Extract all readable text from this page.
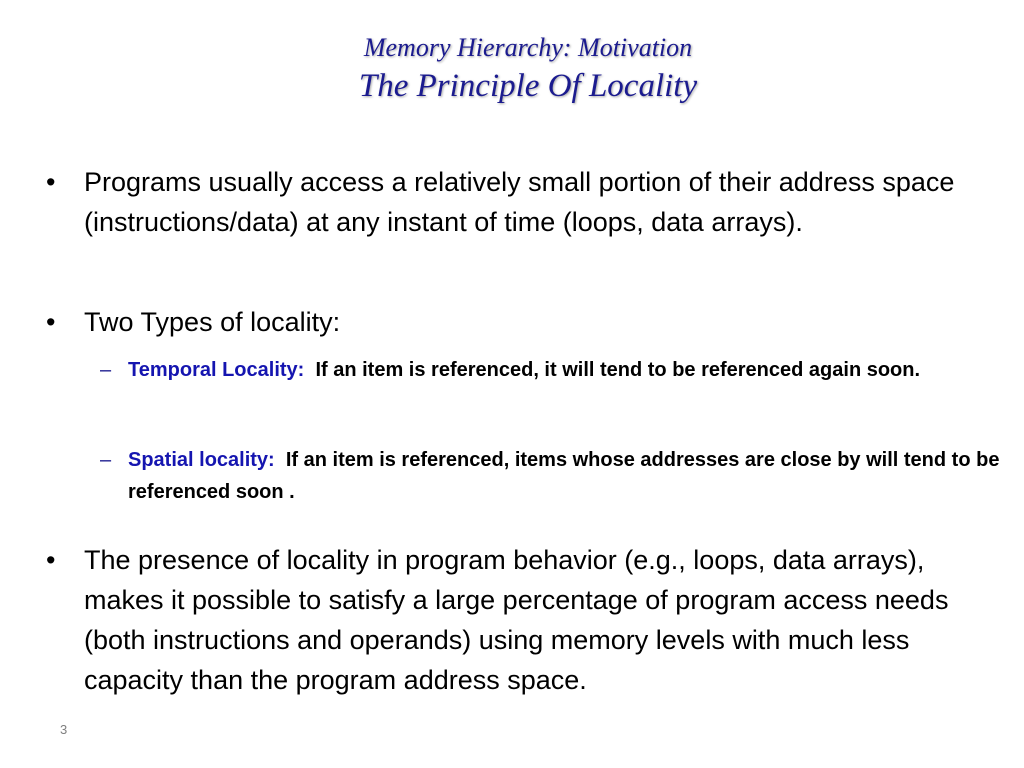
Memory Hierarchy: Motivation
The Principle Of Locality
• Programs usually access a relatively small portion of their address space (instructions/data) at any instant of time (loops, data arrays).
• Two Types of locality:
– Temporal Locality: If an item is referenced, it will tend to be referenced again soon.
– Spatial locality: If an item is referenced, items whose addresses are close by will tend to be referenced soon .
• The presence of locality in program behavior (e.g., loops, data arrays), makes it possible to satisfy a large percentage of program access needs (both instructions and operands) using memory levels with much less capacity than the program address space.
3
